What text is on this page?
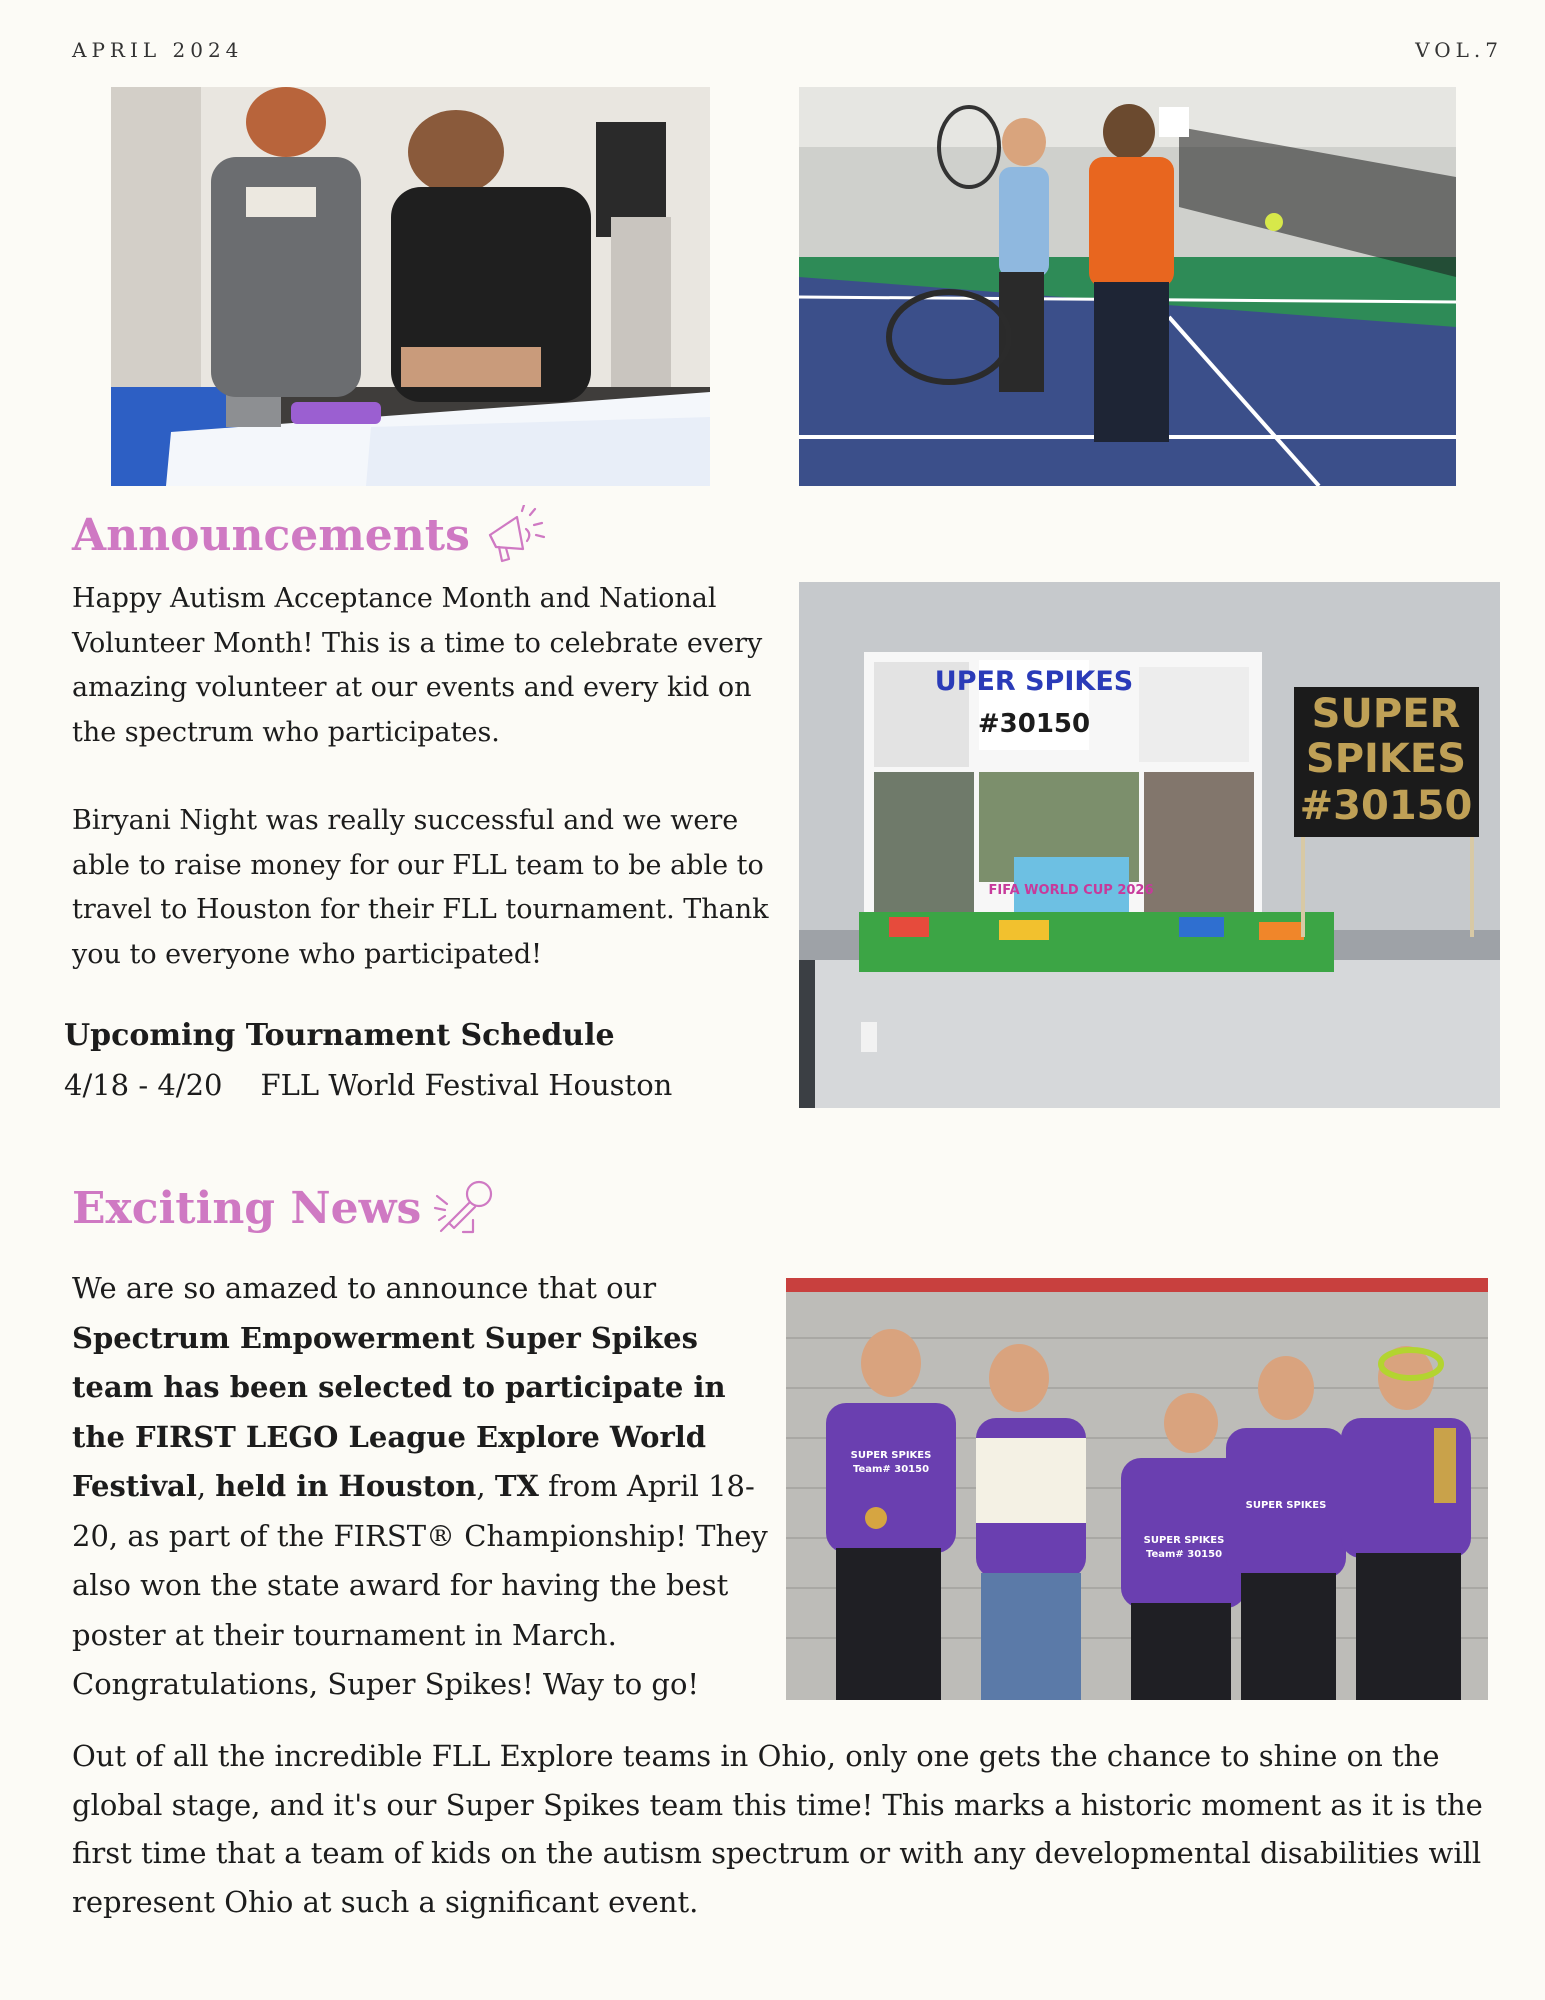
APRIL 2024	VOL.7
Announcements

Happy Autism Acceptance Month and National Volunteer Month! This is a time to celebrate every amazing volunteer at our events and every kid on the spectrum who participates.

Biryani Night was really successful and we were able to raise money for our FLL team to be able to travel to Houston for their FLL tournament. Thank you to everyone who participated!

UPER SPIKES
#30150
FIFA WORLD CUP 2026
SUPER
SPIKES
#30150
Upcoming Tournament Schedule
4/18 - 4/20 FLL World Festival Houston
Exciting News
We are so amazed to announce that our Spectrum Empowerment Super Spikes team has been selected to participate in the FIRST LEGO League Explore World Festival, held in Houston, TX from April 18-20, as part of the FIRST® Championship! They also won the state award for having the best poster at their tournament in March. Congratulations, Super Spikes! Way to go!
SUPER SPIKES
Team# 30150
SUPER SPIKES
Team# 30150
SUPER SPIKES
Out of all the incredible FLL Explore teams in Ohio, only one gets the chance to shine on the global stage, and it's our Super Spikes team this time! This marks a historic moment as it is the first time that a team of kids on the autism spectrum or with any developmental disabilities will represent Ohio at such a significant event.
